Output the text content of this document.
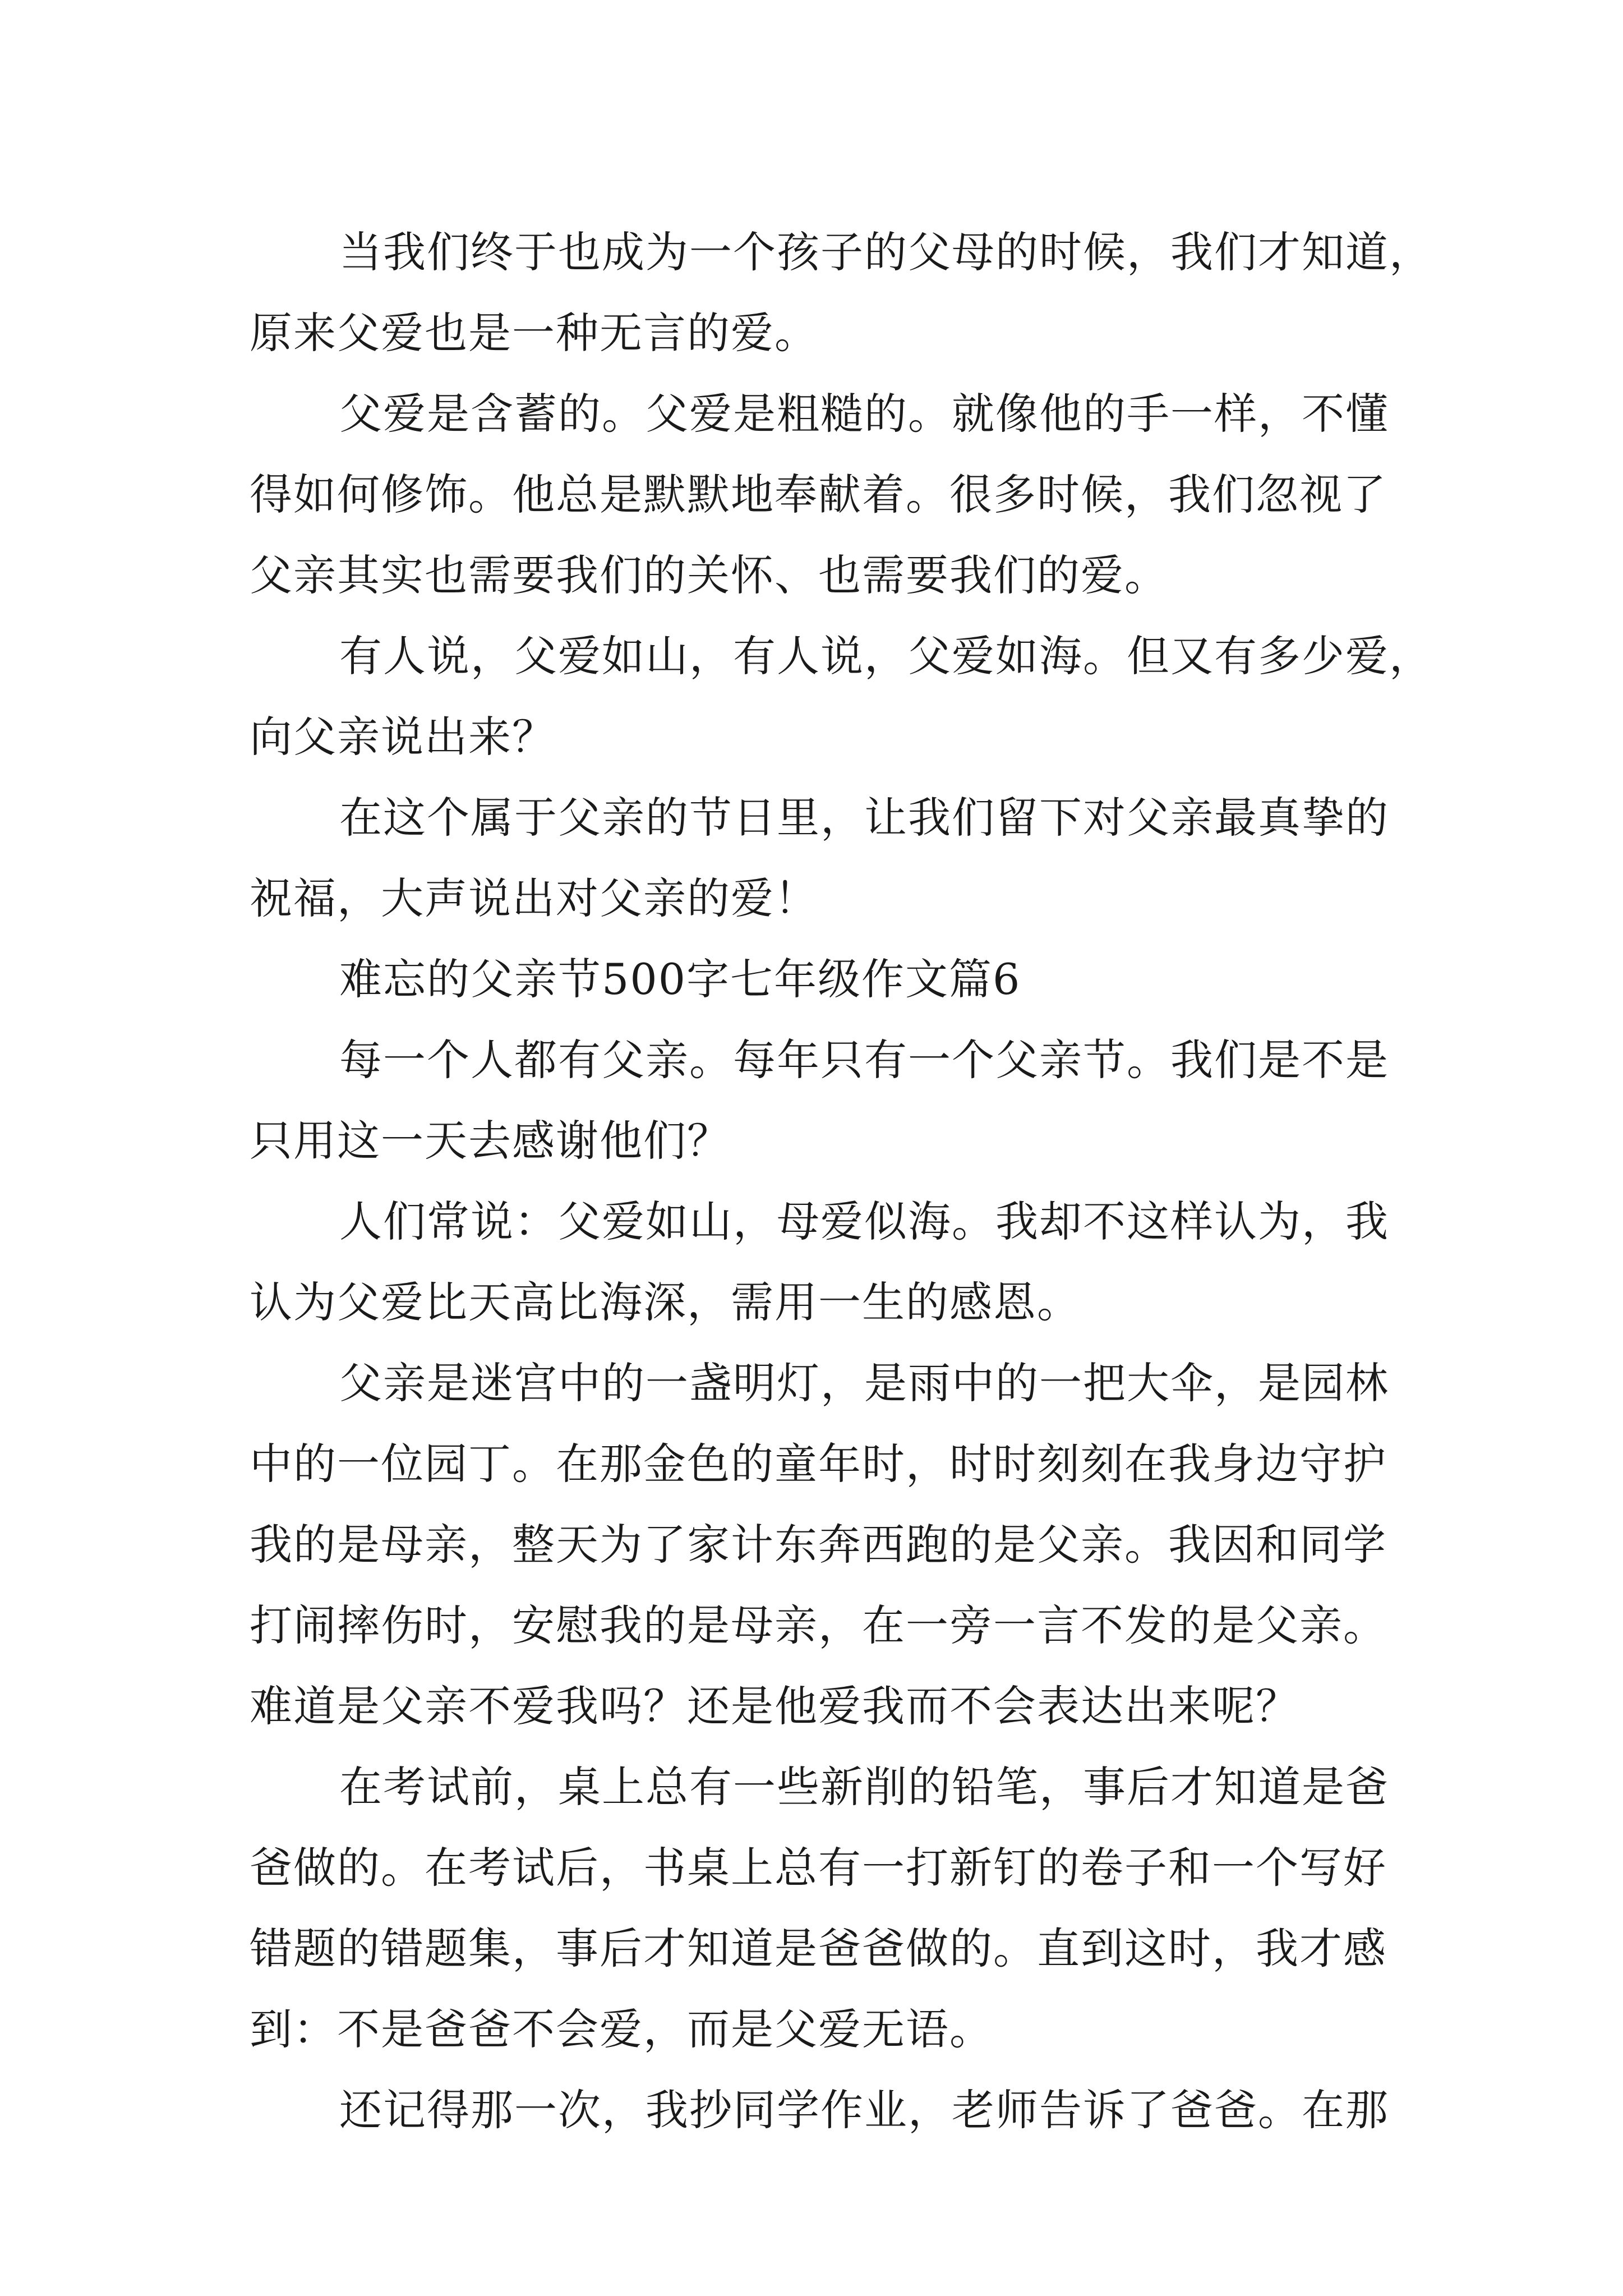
当我们终于也成为一个孩子的父母的时候，我们才知道，
原来父爱也是一种无言的爱。
父爱是含蓄的。父爱是粗糙的。就像他的手一样，不懂
得如何修饰。他总是默默地奉献着。很多时候，我们忽视了
父亲其实也需要我们的关怀、也需要我们的爱。
有人说，父爱如山，有人说，父爱如海。但又有多少爱，
向父亲说出来？
在这个属于父亲的节日里，让我们留下对父亲最真挚的
祝福，大声说出对父亲的爱！
难忘的父亲节500字七年级作文篇6
每一个人都有父亲。每年只有一个父亲节。我们是不是
只用这一天去感谢他们？
人们常说：父爱如山，母爱似海。我却不这样认为，我
认为父爱比天高比海深，需用一生的感恩。
父亲是迷宫中的一盏明灯，是雨中的一把大伞，是园林
中的一位园丁。在那金色的童年时，时时刻刻在我身边守护
我的是母亲，整天为了家计东奔西跑的是父亲。我因和同学
打闹摔伤时，安慰我的是母亲，在一旁一言不发的是父亲。
难道是父亲不爱我吗？还是他爱我而不会表达出来呢？
在考试前，桌上总有一些新削的铅笔，事后才知道是爸
爸做的。在考试后，书桌上总有一打新钉的卷子和一个写好
错题的错题集，事后才知道是爸爸做的。直到这时，我才感
到：不是爸爸不会爱，而是父爱无语。
还记得那一次，我抄同学作业，老师告诉了爸爸。在那
